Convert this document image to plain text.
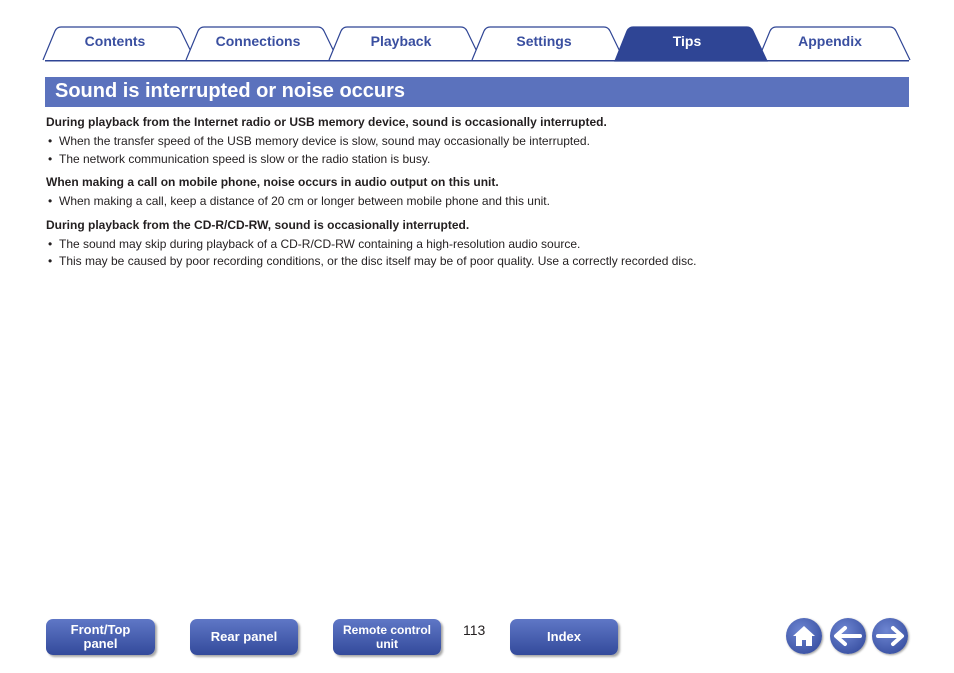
Contents	Connections	Playback	Settings	Tips	Appendix
Sound is interrupted or noise occurs

During playback from the Internet radio or USB memory device, sound is occasionally interrupted.

• When the transfer speed of the USB memory device is slow, sound may occasionally be interrupted.
• The network communication speed is slow or the radio station is busy.

When making a call on mobile phone, noise occurs in audio output on this unit.

• When making a call, keep a distance of 20 cm or longer between mobile phone and this unit.

During playback from the CD-R/CD-RW, sound is occasionally interrupted.

• The sound may skip during playback of a CD-R/CD-RW containing a high-resolution audio source.
• This may be caused by poor recording conditions, or the disc itself may be of poor quality. Use a correctly recorded disc.
Front/Top
panel	Rear panel	Remote control
unit
113	Index
